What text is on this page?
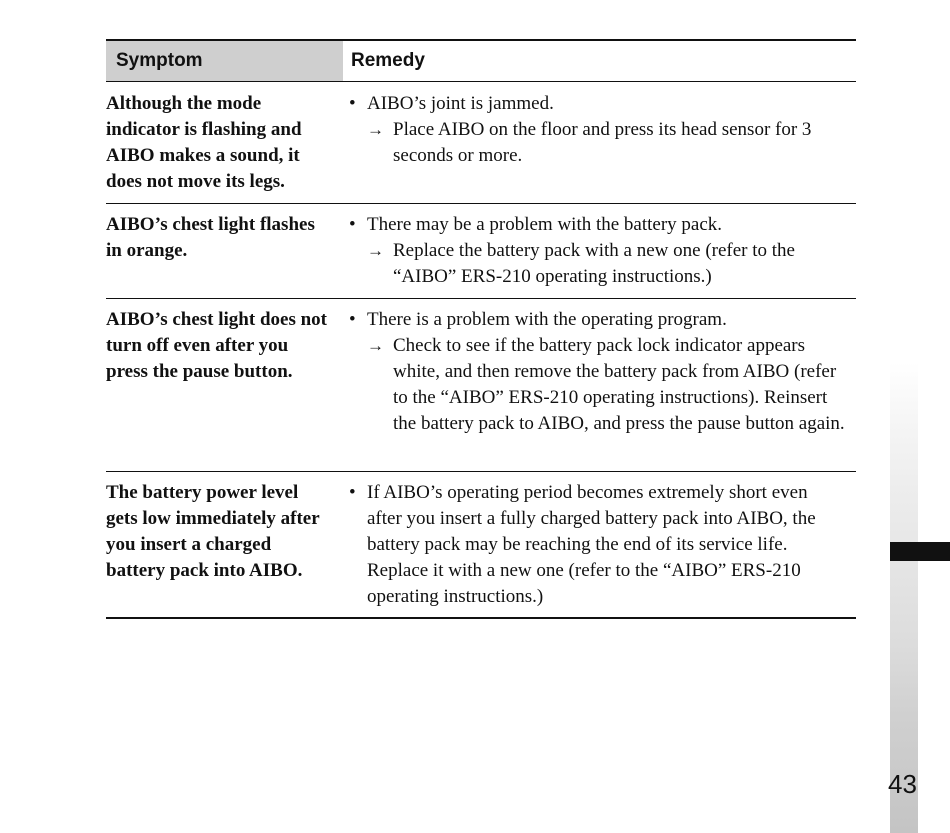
Symptom	Remedy
Although the mode indicator is flashing and AIBO makes a sound, it does not move its legs.
• AIBO’s joint is jammed.
→ Place AIBO on the floor and press its head sensor for 3 seconds or more.
AIBO’s chest light flashes in orange.
• There may be a problem with the battery pack.
→ Replace the battery pack with a new one (refer to the “AIBO” ERS-210 operating instructions.)
AIBO’s chest light does not turn off even after you press the pause button.
• There is a problem with the operating program.
→ Check to see if the battery pack lock indicator appears white, and then remove the battery pack from AIBO (refer to the “AIBO” ERS-210 operating instructions). Reinsert the battery pack to AIBO, and press the pause button again.
The battery power level gets low immediately after you insert a charged battery pack into AIBO.
• If AIBO’s operating period becomes extremely short even after you insert a fully charged battery pack into AIBO, the battery pack may be reaching the end of its service life. Replace it with a new one (refer to the “AIBO” ERS-210 operating instructions.)
43
